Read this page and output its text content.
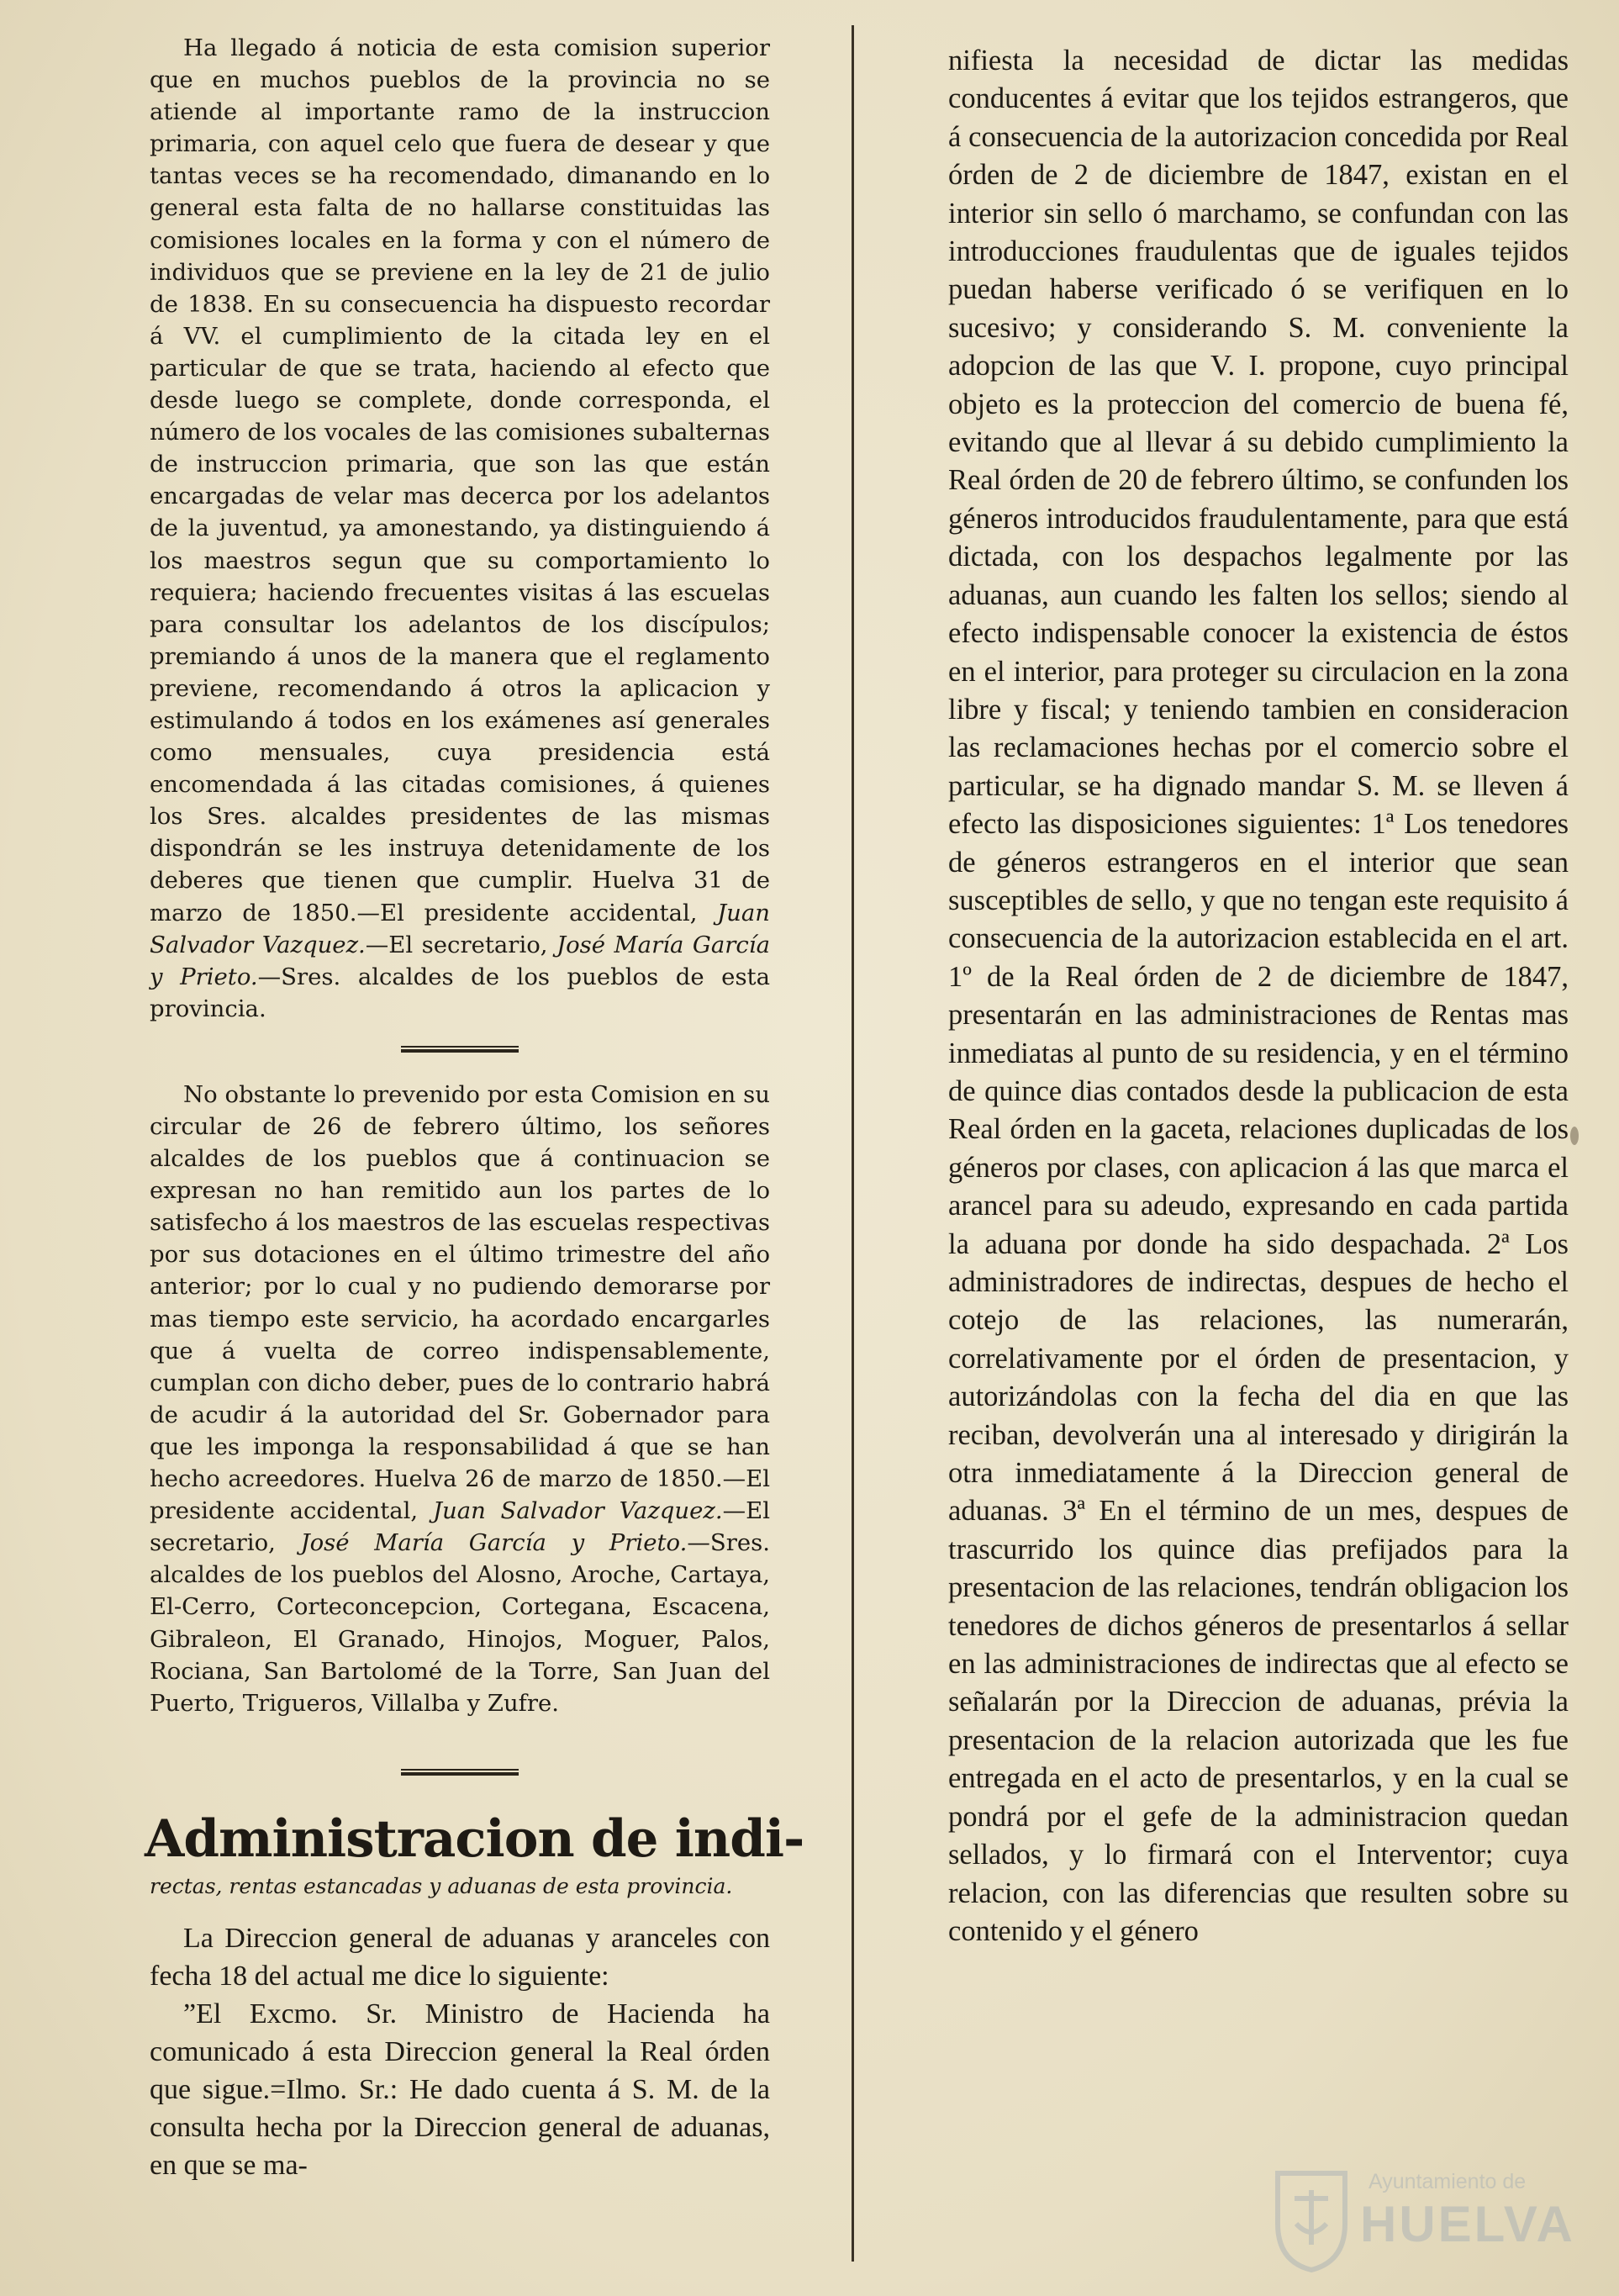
Ha llegado á noticia de esta comision superior que en muchos pueblos de la provincia no se atiende al importante ramo de la instruccion primaria, con aquel celo que fuera de desear y que tantas veces se ha recomendado, dimanando en lo general esta falta de no hallarse constituidas las comisiones locales en la forma y con el número de individuos que se previene en la ley de 21 de julio de 1838. En su consecuencia ha dispuesto recordar á VV. el cumplimiento de la citada ley en el particular de que se trata, haciendo al efecto que desde luego se complete, donde corresponda, el número de los vocales de las comisiones subalternas de instruccion primaria, que son las que están encargadas de velar mas decerca por los adelantos de la juventud, ya amonestando, ya distinguiendo á los maestros segun que su comportamiento lo requiera; haciendo frecuentes visitas á las escuelas para consultar los adelantos de los discípulos; premiando á unos de la manera que el reglamento previene, recomendando á otros la aplicacion y estimulando á todos en los exámenes así generales como mensuales, cuya presidencia está encomendada á las citadas comisiones, á quienes los Sres. alcaldes presidentes de las mismas dispondrán se les instruya detenidamente de los deberes que tienen que cumplir. Huelva 31 de marzo de 1850.—El presidente accidental, Juan Salvador Vazquez.—El secretario, José María García y Prieto.—Sres. alcaldes de los pueblos de esta provincia.

No obstante lo prevenido por esta Comision en su circular de 26 de febrero último, los señores alcaldes de los pueblos que á continuacion se expresan no han remitido aun los partes de lo satisfecho á los maestros de las escuelas respectivas por sus dotaciones en el último trimestre del año anterior; por lo cual y no pudiendo demorarse por mas tiempo este servicio, ha acordado encargarles que á vuelta de correo indispensablemente, cumplan con dicho deber, pues de lo contrario habrá de acudir á la autoridad del Sr. Gobernador para que les imponga la responsabilidad á que se han hecho acreedores. Huelva 26 de marzo de 1850.—El presidente accidental, Juan Salvador Vazquez.—El secretario, José María García y Prieto.—Sres. alcaldes de los pueblos del Alosno, Aroche, Cartaya, El-Cerro, Corteconcepcion, Cortegana, Escacena, Gibraleon, El Granado, Hinojos, Moguer, Palos, Rociana, San Bartolomé de la Torre, San Juan del Puerto, Trigueros, Villalba y Zufre.

Administracion de indi-
rectas, rentas estancadas y aduanas de esta provincia.

La Direccion general de aduanas y aranceles con fecha 18 del actual me dice lo siguiente:

”El Excmo. Sr. Ministro de Hacienda ha comunicado á esta Direccion general la Real órden que sigue.=Ilmo. Sr.: He dado cuenta á S. M. de la consulta hecha por la Direccion general de aduanas, en que se ma-

nifiesta la necesidad de dictar las medidas conducentes á evitar que los tejidos estrangeros, que á consecuencia de la autorizacion concedida por Real órden de 2 de diciembre de 1847, existan en el interior sin sello ó marchamo, se confundan con las introducciones fraudulentas que de iguales tejidos puedan haberse verificado ó se verifiquen en lo sucesivo; y considerando S. M. conveniente la adopcion de las que V. I. propone, cuyo principal objeto es la proteccion del comercio de buena fé, evitando que al llevar á su debido cumplimiento la Real órden de 20 de febrero último, se confunden los géneros introducidos fraudulentamente, para que está dictada, con los despachos legalmente por las aduanas, aun cuando les falten los sellos; siendo al efecto indispensable conocer la existencia de éstos en el interior, para proteger su circulacion en la zona libre y fiscal; y teniendo tambien en consideracion las reclamaciones hechas por el comercio sobre el particular, se ha dignado mandar S. M. se lleven á efecto las disposiciones siguientes: 1ª Los tenedores de géneros estrangeros en el interior que sean susceptibles de sello, y que no tengan este requisito á consecuencia de la autorizacion establecida en el art. 1º de la Real órden de 2 de diciembre de 1847, presentarán en las administraciones de Rentas mas inmediatas al punto de su residencia, y en el término de quince dias contados desde la publicacion de esta Real órden en la gaceta, relaciones duplicadas de los géneros por clases, con aplicacion á las que marca el arancel para su adeudo, expresando en cada partida la aduana por donde ha sido despachada. 2ª Los administradores de indirectas, despues de hecho el cotejo de las relaciones, las numerarán, correlativamente por el órden de presentacion, y autorizándolas con la fecha del dia en que las reciban, devolverán una al interesado y dirigirán la otra inmediatamente á la Direccion general de aduanas. 3ª En el término de un mes, despues de trascurrido los quince dias prefijados para la presentacion de las relaciones, tendrán obligacion los tenedores de dichos géneros de presentarlos á sellar en las administraciones de indirectas que al efecto se señalarán por la Direccion de aduanas, prévia la presentacion de la relacion autorizada que les fue entregada en el acto de presentarlos, y en la cual se pondrá por el gefe de la administracion quedan sellados, y lo firmará con el Interventor; cuya relacion, con las diferencias que resulten sobre su contenido y el género

Ayuntamiento de
HUELVA
